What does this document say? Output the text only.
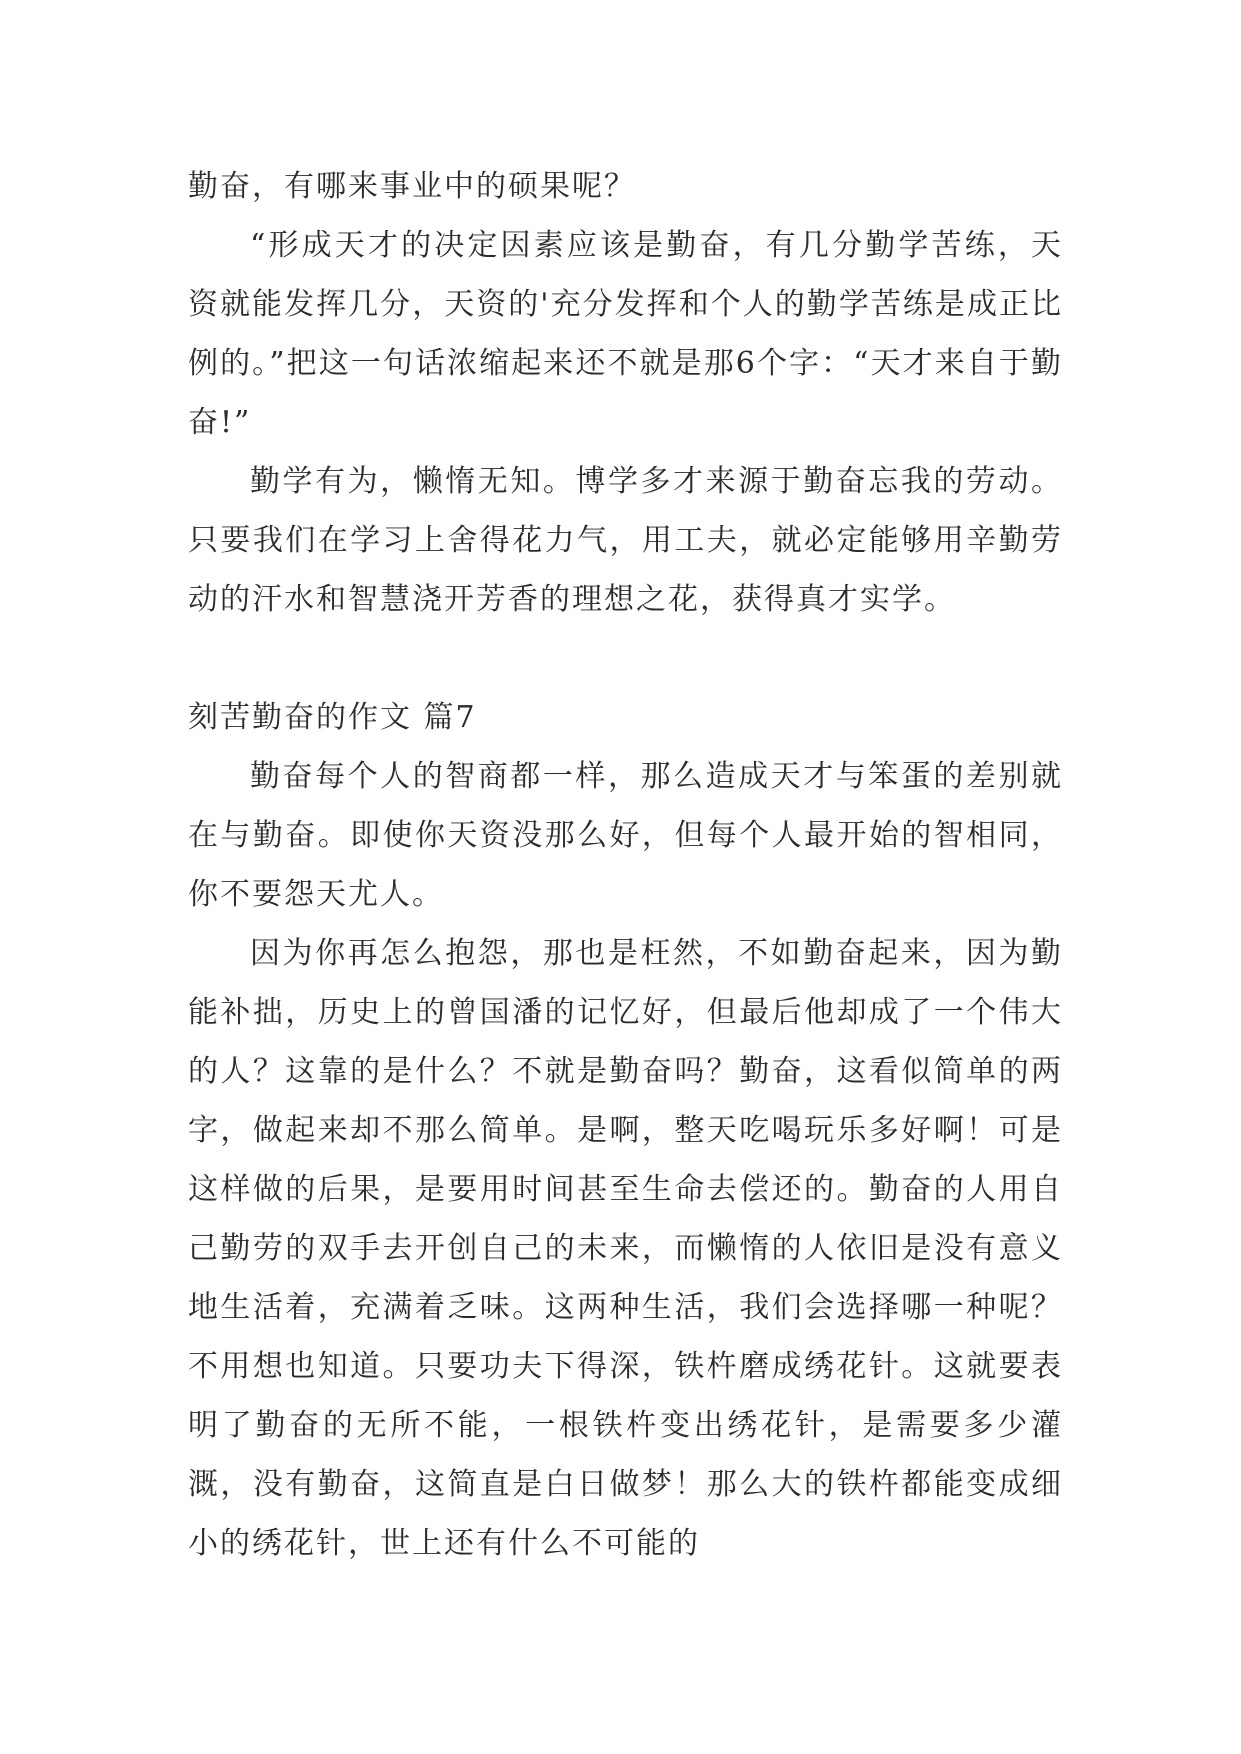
勤奋，有哪来事业中的硕果呢？

“形成天才的决定因素应该是勤奋，有几分勤学苦练，天资就能发挥几分，天资的'充分发挥和个人的勤学苦练是成正比例的。”把这一句话浓缩起来还不就是那6个字：“天才来自于勤奋!”

勤学有为，懒惰无知。博学多才来源于勤奋忘我的劳动。只要我们在学习上舍得花力气，用工夫，就必定能够用辛勤劳动的汗水和智慧浇开芳香的理想之花，获得真才实学。

刻苦勤奋的作文 篇7

勤奋每个人的智商都一样，那么造成天才与笨蛋的差别就在与勤奋。即使你天资没那么好，但每个人最开始的智相同，你不要怨天尤人。

因为你再怎么抱怨，那也是枉然，不如勤奋起来，因为勤能补拙，历史上的曾国潘的记忆好，但最后他却成了一个伟大的人？这靠的是什么？不就是勤奋吗？勤奋，这看似简单的两字，做起来却不那么简单。是啊，整天吃喝玩乐多好啊！可是这样做的后果，是要用时间甚至生命去偿还的。勤奋的人用自己勤劳的双手去开创自己的未来，而懒惰的人依旧是没有意义地生活着，充满着乏味。这两种生活，我们会选择哪一种呢？不用想也知道。只要功夫下得深，铁杵磨成绣花针。这就要表明了勤奋的无所不能，一根铁杵变出绣花针，是需要多少灌溉，没有勤奋，这简直是白日做梦！那么大的铁杵都能变成细小的绣花针，世上还有什么不可能的
